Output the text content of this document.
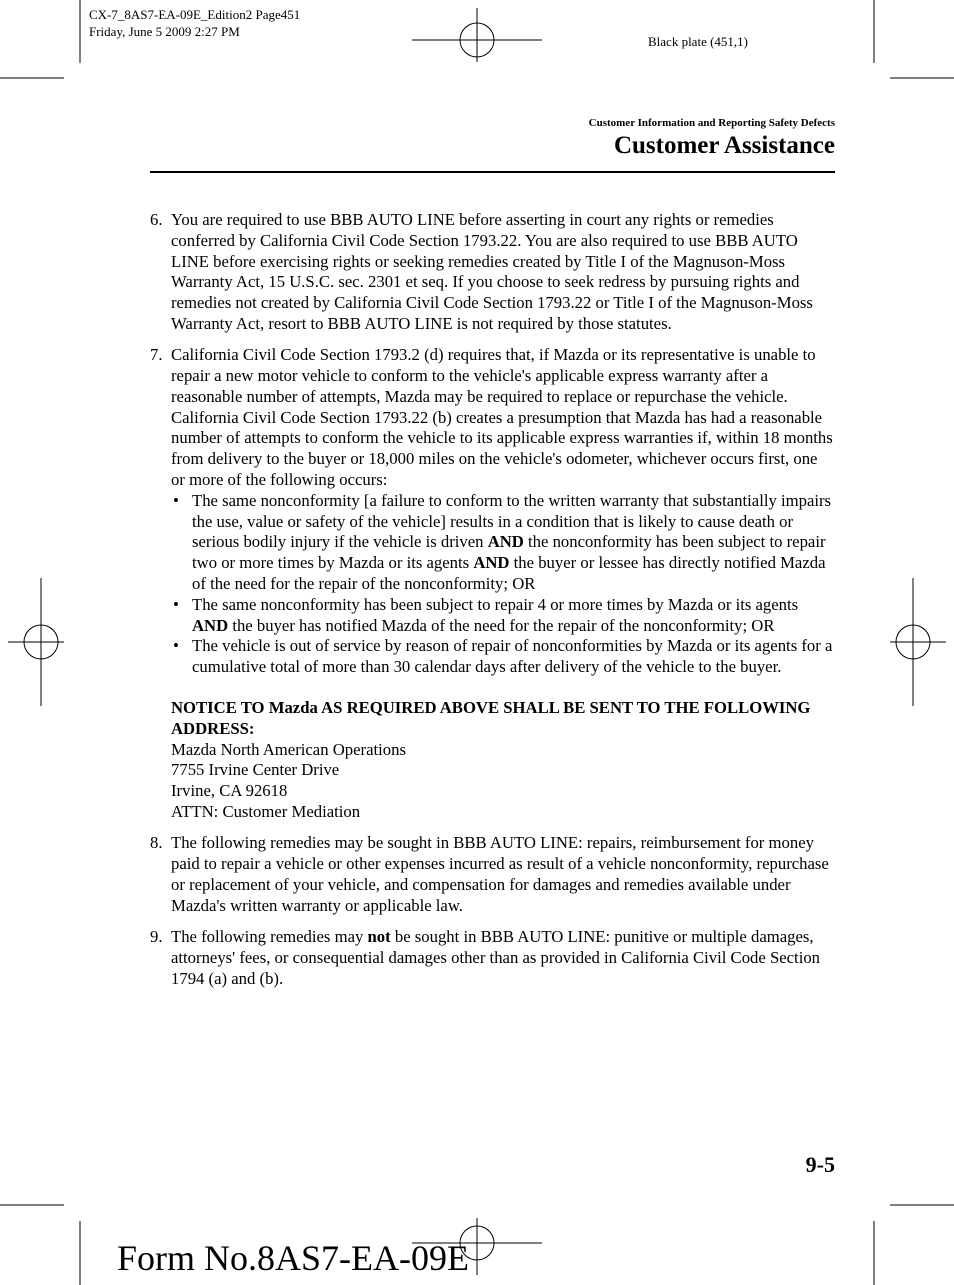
CX-7_8AS7-EA-09E_Edition2 Page451
Friday, June 5 2009 2:27 PM
Black plate (451,1)
Customer Information and Reporting Safety Defects
Customer Assistance
6. You are required to use BBB AUTO LINE before asserting in court any rights or remedies conferred by California Civil Code Section 1793.22. You are also required to use BBB AUTO LINE before exercising rights or seeking remedies created by Title I of the Magnuson-Moss Warranty Act, 15 U.S.C. sec. 2301 et seq. If you choose to seek redress by pursuing rights and remedies not created by California Civil Code Section 1793.22 or Title I of the Magnuson-Moss Warranty Act, resort to BBB AUTO LINE is not required by those statutes.
7. California Civil Code Section 1793.2 (d) requires that, if Mazda or its representative is unable to repair a new motor vehicle to conform to the vehicle's applicable express warranty after a reasonable number of attempts, Mazda may be required to replace or repurchase the vehicle. California Civil Code Section 1793.22 (b) creates a presumption that Mazda has had a reasonable number of attempts to conform the vehicle to its applicable express warranties if, within 18 months from delivery to the buyer or 18,000 miles on the vehicle's odometer, whichever occurs first, one or more of the following occurs:
•
The same nonconformity [a failure to conform to the written warranty that substantially impairs the use, value or safety of the vehicle] results in a condition that is likely to cause death or serious bodily injury if the vehicle is driven AND the nonconformity has been subject to repair two or more times by Mazda or its agents AND the buyer or lessee has directly notified Mazda of the need for the repair of the nonconformity; OR
•
The same nonconformity has been subject to repair 4 or more times by Mazda or its agents AND the buyer has notified Mazda of the need for the repair of the nonconformity; OR
•
The vehicle is out of service by reason of repair of nonconformities by Mazda or its agents for a cumulative total of more than 30 calendar days after delivery of the vehicle to the buyer.
NOTICE TO Mazda AS REQUIRED ABOVE SHALL BE SENT TO THE FOLLOWING ADDRESS:
Mazda North American Operations
7755 Irvine Center Drive
Irvine, CA 92618
ATTN: Customer Mediation
8. The following remedies may be sought in BBB AUTO LINE: repairs, reimbursement for money paid to repair a vehicle or other expenses incurred as result of a vehicle nonconformity, repurchase or replacement of your vehicle, and compensation for damages and remedies available under Mazda's written warranty or applicable law.
9. The following remedies may not be sought in BBB AUTO LINE: punitive or multiple damages, attorneys' fees, or consequential damages other than as provided in California Civil Code Section 1794 (a) and (b).
9-5
Form No.8AS7-EA-09E
